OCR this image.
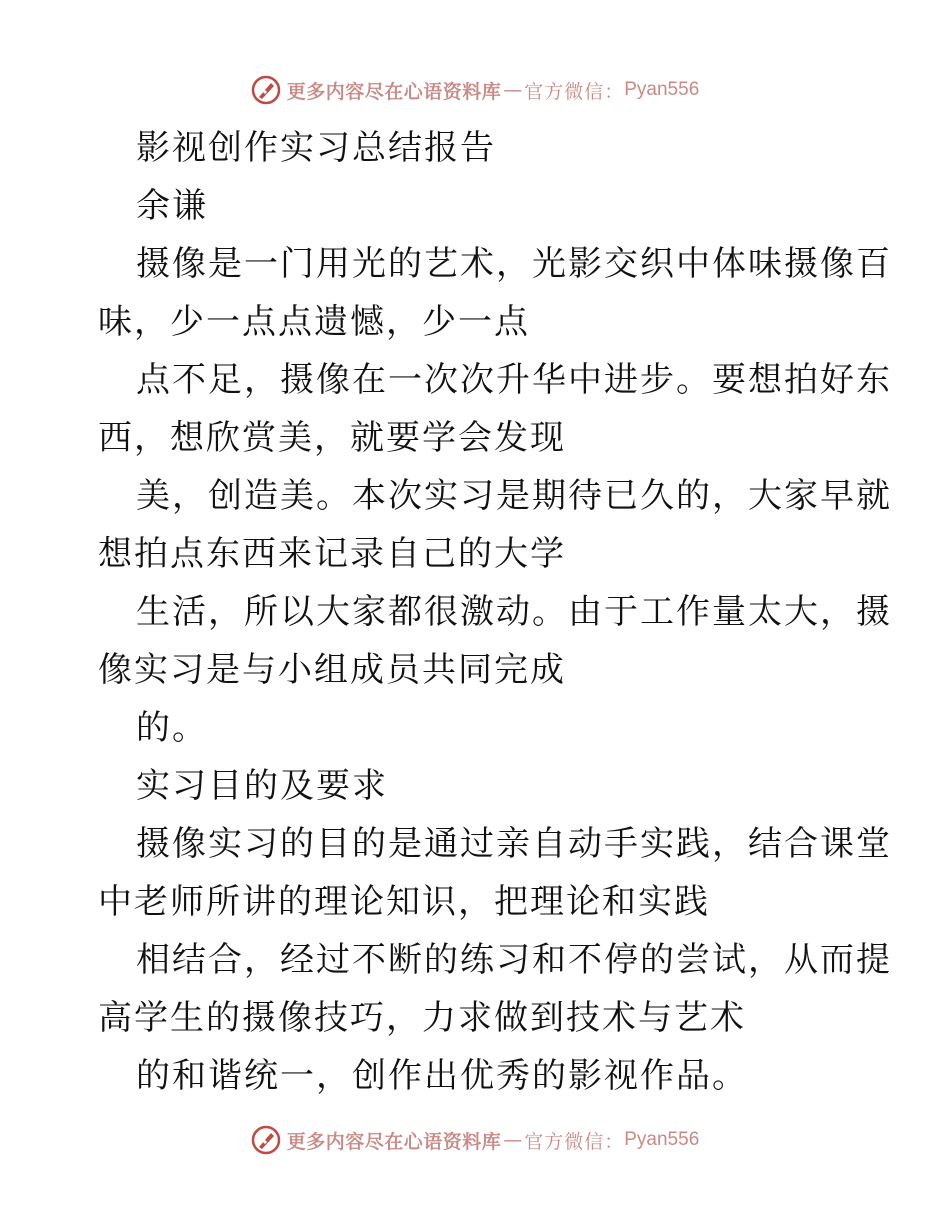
更多内容尽在心语资料库 — 官方微信： Pyan556
影视创作实习总结报告
余谦
摄像是一门用光的艺术，光影交织中体味摄像百
味，少一点点遗憾，少一点
点不足，摄像在一次次升华中进步。要想拍好东
西，想欣赏美，就要学会发现
美，创造美。本次实习是期待已久的，大家早就
想拍点东西来记录自己的大学
生活，所以大家都很激动。由于工作量太大，摄
像实习是与小组成员共同完成
的。
实习目的及要求
摄像实习的目的是通过亲自动手实践，结合课堂
中老师所讲的理论知识，把理论和实践
相结合，经过不断的练习和不停的尝试，从而提
高学生的摄像技巧，力求做到技术与艺术
的和谐统一，创作出优秀的影视作品。
更多内容尽在心语资料库 — 官方微信： Pyan556
